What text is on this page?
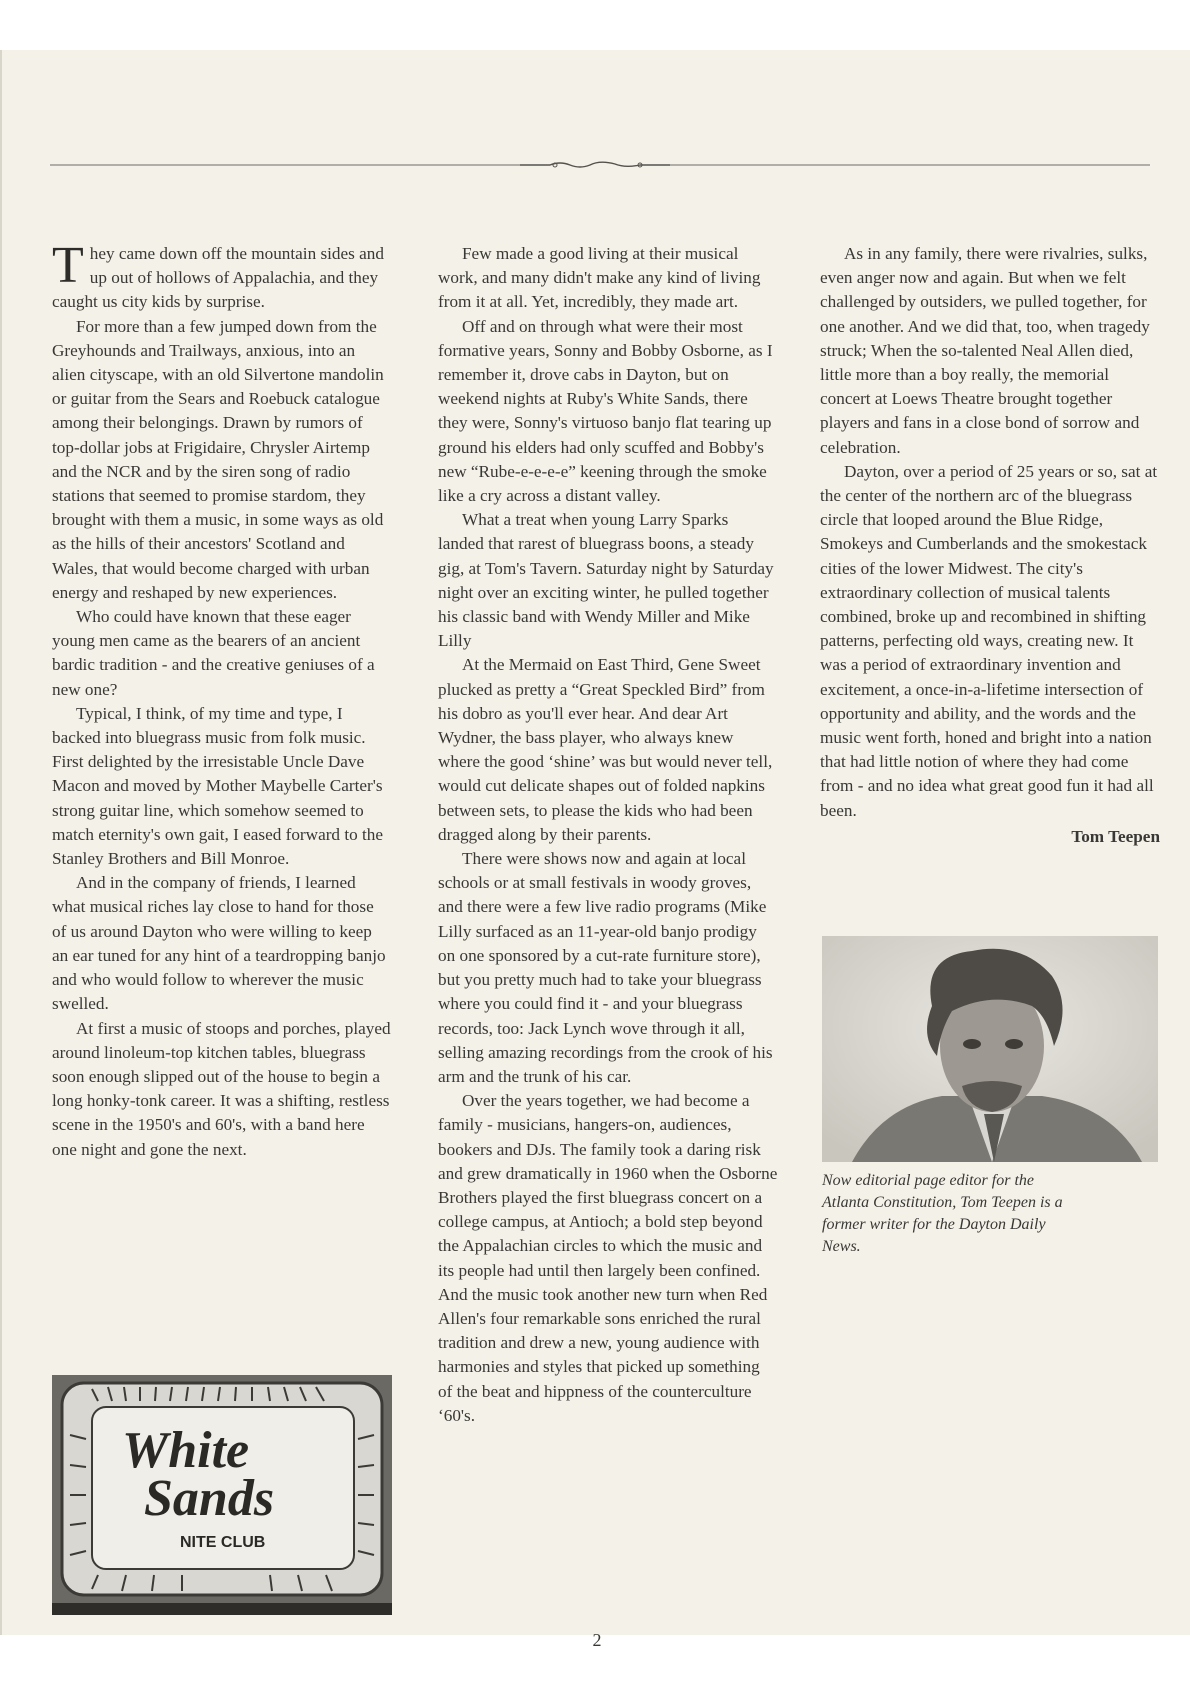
They came down off the mountain sides and up out of hollows of Appalachia, and they caught us city kids by surprise.

For more than a few jumped down from the Greyhounds and Trailways, anxious, into an alien cityscape, with an old Silvertone mandolin or guitar from the Sears and Roebuck catalogue among their belongings. Drawn by rumors of top-dollar jobs at Frigidaire, Chrysler Airtemp and the NCR and by the siren song of radio stations that seemed to promise stardom, they brought with them a music, in some ways as old as the hills of their ancestors' Scotland and Wales, that would become charged with urban energy and reshaped by new experiences.

Who could have known that these eager young men came as the bearers of an ancient bardic tradition - and the creative geniuses of a new one?

Typical, I think, of my time and type, I backed into bluegrass music from folk music. First delighted by the irresistable Uncle Dave Macon and moved by Mother Maybelle Carter's strong guitar line, which somehow seemed to match eternity's own gait, I eased forward to the Stanley Brothers and Bill Monroe.

And in the company of friends, I learned what musical riches lay close to hand for those of us around Dayton who were willing to keep an ear tuned for any hint of a teardropping banjo and who would follow to wherever the music swelled.

At first a music of stoops and porches, played around linoleum-top kitchen tables, bluegrass soon enough slipped out of the house to begin a long honky-tonk career. It was a shifting, restless scene in the 1950's and 60's, with a band here one night and gone the next.

Few made a good living at their musical work, and many didn't make any kind of living from it at all. Yet, incredibly, they made art.

Off and on through what were their most formative years, Sonny and Bobby Osborne, as I remember it, drove cabs in Dayton, but on weekend nights at Ruby's White Sands, there they were, Sonny's virtuoso banjo flat tearing up ground his elders had only scuffed and Bobby's new “Rube-e-e-e-e” keening through the smoke like a cry across a distant valley.

What a treat when young Larry Sparks landed that rarest of bluegrass boons, a steady gig, at Tom's Tavern. Saturday night by Saturday night over an exciting winter, he pulled together his classic band with Wendy Miller and Mike Lilly

At the Mermaid on East Third, Gene Sweet plucked as pretty a “Great Speckled Bird” from his dobro as you'll ever hear. And dear Art Wydner, the bass player, who always knew where the good ‘shine’ was but would never tell, would cut delicate shapes out of folded napkins between sets, to please the kids who had been dragged along by their parents.

There were shows now and again at local schools or at small festivals in woody groves, and there were a few live radio programs (Mike Lilly surfaced as an 11-year-old banjo prodigy on one sponsored by a cut-rate furniture store), but you pretty much had to take your bluegrass where you could find it - and your bluegrass records, too: Jack Lynch wove through it all, selling amazing recordings from the crook of his arm and the trunk of his car.

Over the years together, we had become a family - musicians, hangers-on, audiences, bookers and DJs. The family took a daring risk and grew dramatically in 1960 when the Osborne Brothers played the first bluegrass concert on a college campus, at Antioch; a bold step beyond the Appalachian circles to which the music and its people had until then largely been confined. And the music took another new turn when Red Allen's four remarkable sons enriched the rural tradition and drew a new, young audience with harmonies and styles that picked up something of the beat and hippness of the counterculture ‘60's.

As in any family, there were rivalries, sulks, even anger now and again. But when we felt challenged by outsiders, we pulled together, for one another. And we did that, too, when tragedy struck; When the so-talented Neal Allen died, little more than a boy really, the memorial concert at Loews Theatre brought together players and fans in a close bond of sorrow and celebration.

Dayton, over a period of 25 years or so, sat at the center of the northern arc of the bluegrass circle that looped around the Blue Ridge, Smokeys and Cumberlands and the smokestack cities of the lower Midwest. The city's extraordinary collection of musical talents combined, broke up and recombined in shifting patterns, perfecting old ways, creating new. It was a period of extraordinary invention and excitement, a once-in-a-lifetime intersection of opportunity and ability, and the words and the music went forth, honed and bright into a nation that had little notion of where they had come from - and no idea what great good fun it had all been.

Tom Teepen
Now editorial page editor for the Atlanta Constitution, Tom Teepen is a former writer for the Dayton Daily News.
White
Sands
NITE CLUB
2
